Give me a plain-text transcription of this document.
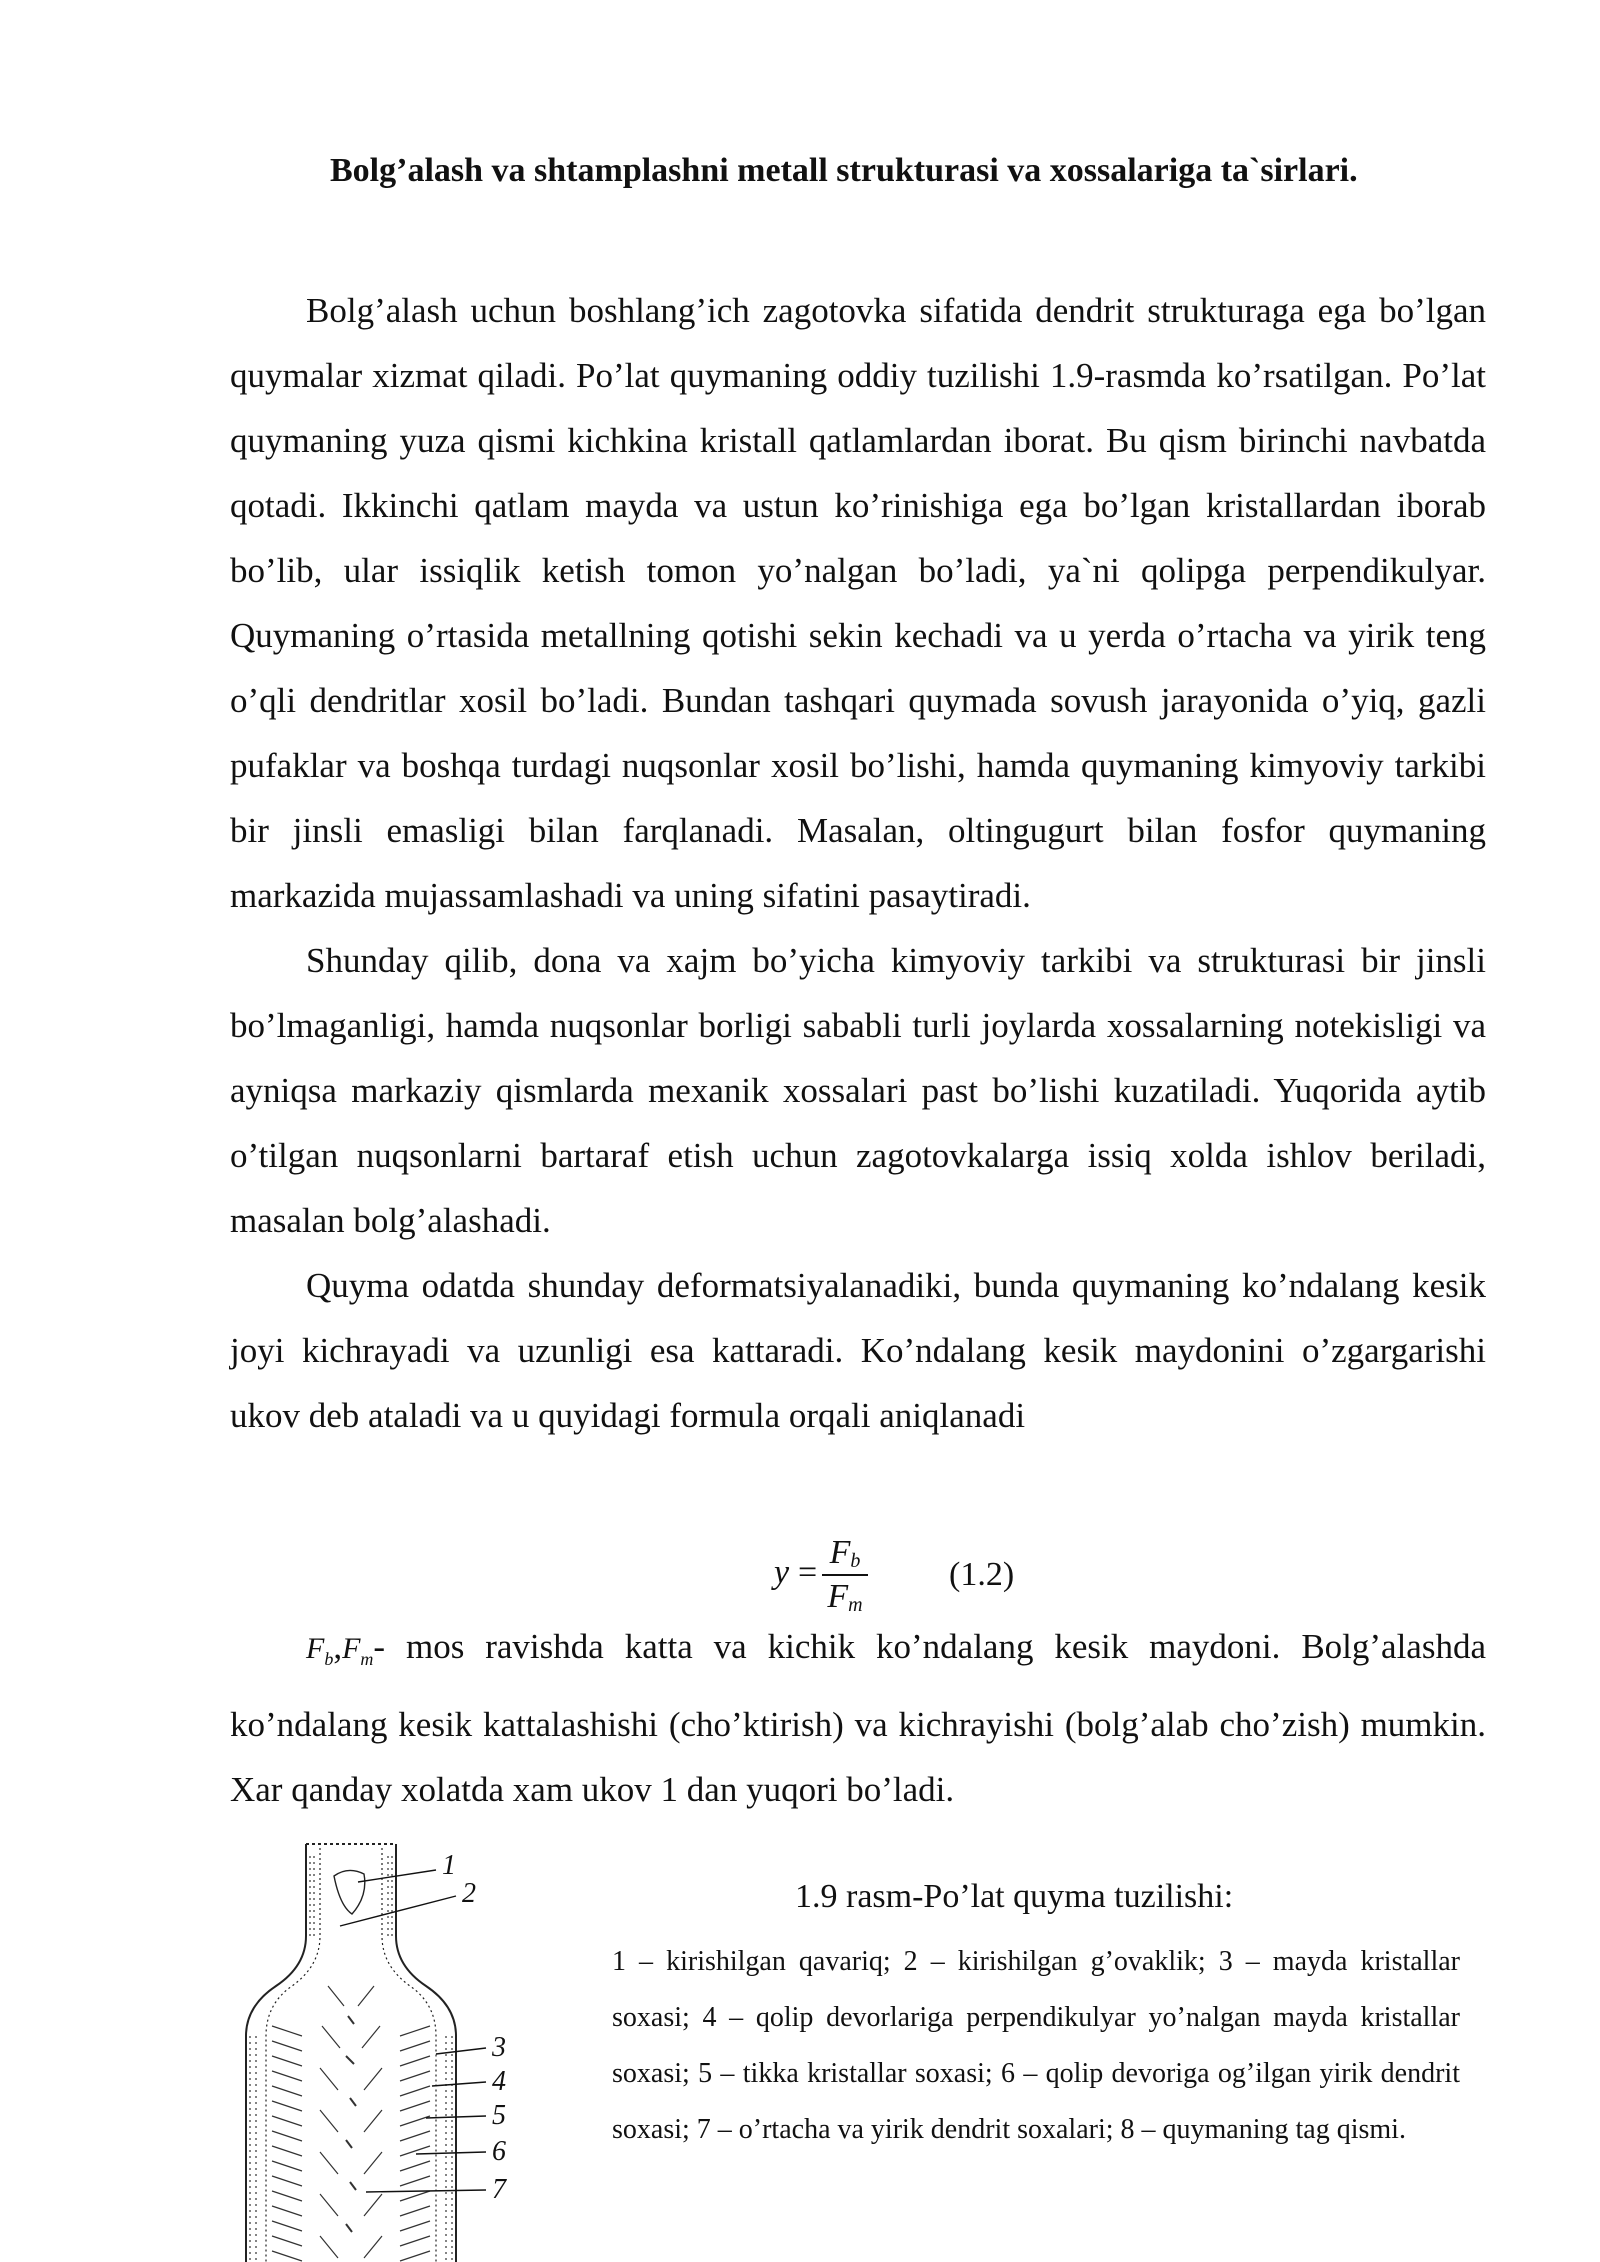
Bolg’alash va shtamplashni metall strukturasi va xossalariga ta`sirlari.

Bolg’alash uchun boshlang’ich zagotovka sifatida dendrit strukturaga ega bo’lgan quymalar xizmat qiladi. Po’lat quymaning oddiy tuzilishi 1.9-rasmda ko’rsatilgan. Po’lat quymaning yuza qismi kichkina kristall qatlamlardan iborat. Bu qism birinchi navbatda qotadi. Ikkinchi qatlam mayda va ustun ko’rinishiga ega bo’lgan kristallardan iborab bo’lib, ular issiqlik ketish tomon yo’nalgan bo’ladi, ya`ni qolipga perpendikulyar. Quymaning o’rtasida metallning qotishi sekin kechadi va u yerda o’rtacha va yirik teng o’qli dendritlar xosil bo’ladi. Bundan tashqari quymada sovush jarayonida o’yiq, gazli pufaklar va boshqa turdagi nuqsonlar xosil bo’lishi, hamda quymaning kimyoviy tarkibi bir jinsli emasligi bilan farqlanadi. Masalan, oltingugurt bilan fosfor quymaning markazida mujassamlashadi va uning sifatini pasaytiradi.

Shunday qilib, dona va xajm bo’yicha kimyoviy tarkibi va strukturasi bir jinsli bo’lmaganligi, hamda nuqsonlar borligi sababli turli joylarda xossalarning notekisligi va ayniqsa markaziy qismlarda mexanik xossalari past bo’lishi kuzatiladi. Yuqorida aytib o’tilgan nuqsonlarni bartaraf etish uchun zagotovkalarga issiq xolda ishlov beriladi, masalan bolg’alashadi.

Quyma odatda shunday deformatsiyalanadiki, bunda quymaning ko’ndalang kesik joyi kichrayadi va uzunligi esa kattaradi. Ko’ndalang kesik maydonini o’zgargarishi ukov deb ataladi va u quyidagi formula orqali aniqlanadi

y =
$F_b$
$F_m$
(1.2)

$F_b,F_m-$ mos ravishda katta va kichik ko’ndalang kesik maydoni. Bolg’alashda ko’ndalang kesik kattalashishi (cho’ktirish) va kichrayishi (bolg’alab cho’zish) mumkin. Xar qanday xolatda xam ukov 1 dan yuqori bo’ladi.

1
2
3
4
5
6
7
1.9 rasm-Po’lat quyma tuzilishi:

1 – kirishilgan qavariq; 2 – kirishilgan g’ovaklik; 3 – mayda kristallar soxasi; 4 – qolip devorlariga perpendikulyar yo’nalgan mayda kristallar soxasi; 5 – tikka kristallar soxasi; 6 – qolip devoriga og’ilgan yirik dendrit soxasi; 7 – o’rtacha va yirik dendrit soxalari; 8 – quymaning tag qismi.
